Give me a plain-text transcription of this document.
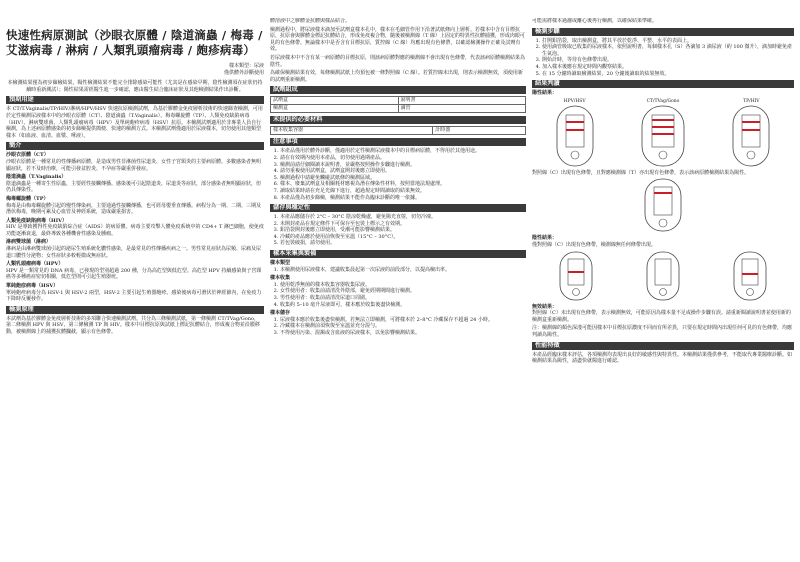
快速性病原測試（沙眼衣原體 / 陰道滴蟲 / 梅毒 / 艾滋病毒 / 淋病 / 人類乳頭瘤病毒 / 皰疹病毒）
樣本類型：尿液
僅供體外診斷使用

本檢測結果僅為初步篩檢結果，陽性檢測結果不能完全排除感染可能性（尤其是在感染早期，陰性檢測須在症狀仍持續時重新測試）；陽性結果需經醫生進一步確認，應由醫生結合臨床症狀及其他檢測結果作出診斷。

預期用途

本 CT/T.Vaginalis/TP/HIV/淋病/HPV/HSV 快速抗原檢測試劑，為基於膠體金免疫層析技術的快速篩查檢測，可用於定性檢測尿液樣本中的沙眼衣原體（CT）、陰道滴蟲（T.Vaginalis）、梅毒螺旋體（TP）、人類免疫缺陷病毒（HIV）、淋病雙球菌、人類乳頭瘤病毒（HPV）及單純皰疹病毒（HSV）抗原。本檢測試劑適用於非專業人員自行檢測，為上述病原體感染的初步篩檢提供簡便、快速的檢測方式。本檢測試劑僅適用於尿液樣本，切勿使用其他類型樣本（如血液、血清、血漿、唾液）。

簡介
沙眼衣原體（CT）

沙眼衣原體是一種常見的性傳播病原體，是造成男性非淋菌性尿道炎、女性子宮頸炎的主要病原體。多數感染者無明顯症狀，若不及時治療，可能引發盆腔炎、不孕症等嚴重併發症。

陰道滴蟲（T.Vaginalis）

陰道滴蟲是一種寄生性原蟲，主要經性接觸傳播。感染後可引起陰道炎、尿道炎等症狀，部分感染者無明顯症狀，但仍具傳染性。

梅毒螺旋體（TP）

梅毒是由梅毒螺旋體引起的慢性傳染病，主要通過性接觸傳播，也可經母嬰垂直傳播。病程分為一期、二期、三期及潛伏梅毒，晚期可累及心血管及神經系統，造成嚴重損害。

人類免疫缺陷病毒（HIV）

HIV 是導致獲得性免疫缺陷綜合症（AIDS）的病原體。病毒主要攻擊人體免疫系統中的 CD4+ T 淋巴細胞，使免疫功能逐漸衰退，最終導致各種機會性感染及腫瘤。

淋病雙球菌（淋病）

淋病是由淋病雙球菌引起的泌尿生殖系統化膿性感染，是最常見的性傳播疾病之一。男性常見症狀為尿頻、尿痛及尿道口膿性分泌物；女性症狀多較輕微或無症狀。

人類乳頭瘤病毒（HPV）

HPV 是一類常見的 DNA 病毒，已發現的型別超過 200 種，分為高危型與低危型。高危型 HPV 持續感染與子宮頸癌等多種癌症密切相關，低危型則可引起生殖器疣。

單純皰疹病毒（HSV）

單純皰疹病毒分為 HSV-1 與 HSV-2 兩型，HSV-2 主要引起生殖器皰疹。感染後病毒可潛伏於神經節內，在免疫力下降時反覆發作。

檢測原理

本試劑為基於膠體金免疫層析技術的多項聯合快速檢測試劑。共分為三條檢測試紙，第一條檢測 CT/TVag/Gono，第二條檢測 HPV 與 HSV，第三條檢測 TP 與 HIV。樣本中目標抗原與試紙上標記抗體結合，形成複合物並沿膜移動，被檢測線上的捕獲抗體攔截，顯示有色條帶。

體溶液中之膠體金抗體與樣品結合。

檢測過程中，將尿液樣本滴加至試劑盒樣本孔中，樣本在毛細管作用下沿著試紙條向上層析。若樣本中含有目標抗原，抗原會與膠體金標記抗體結合，形成免疫複合物，隨後被檢測線（T 線）上固定的特異性抗體捕獲，形成肉眼可見的有色條帶。無論樣本中是否含有目標抗原，質控線（C 線）均應出現有色條帶，以確認檢測操作正確及試劑有效。

若尿液樣本中不含有某一病原體的目標抗原，則該病原體對應的檢測線不會出現有色條帶，代表該病原體檢測結果為陰性。

為確保檢測結果有效，每條檢測試紙上均預包被一條對照線（C 線）。若質控線未出現，則表示檢測無效，須使用新的試劑重新檢測。

試劑組成
試劑盒	說明書
檢測盒	滴管
未提供的必要材料
樣本收集容器	計時器
注意事項
1. 本產品僅用於體外診斷，僅適用於定性檢測尿液樣本中的目標病原體，不得用於其他用途。
2. 請在有效期內使用本產品，切勿使用過期產品。
3. 檢測前請仔細閱讀本說明書，並嚴格按照操作步驟進行檢測。
4. 請勿重複使用試劑盒，試劑盒開封後應立即使用。
5. 檢測過程中請避免觸碰試紙條的檢測區域。
6. 樣本、廢棄試劑盒及相關耗材應視為潛在傳染性材料，按照當地法規處理。
7. 讀取結果時請在充足光線下進行，超過規定時間讀取的結果無效。
8. 本產品僅為初步篩檢，檢測結果不能作為臨床診斷的唯一依據。
儲存與穩定性
1. 本產品應儲存於 2°C – 30°C 陰涼乾燥處，避免陽光直射，切勿冷凍。
2. 未開封產品在規定條件下可保存至包裝上標示之有效期。
3. 鋁箔袋開封後應立即使用，受潮可能影響檢測結果。
4. 冷藏的產品應於使用前恢復至室溫（15°C – 30°C）。
5. 若包裝破損，請勿使用。
樣本采集與製備
樣本類型
1. 本檢測使用尿液樣本，建議收集晨起第一次尿液的前段部分，以提高檢出率。
樣本收集
1. 使用乾淨無菌的樣本收集容器收集尿液。
2. 女性使用者：收集前請清洗外陰部，避免經期期間進行檢測。
3. 男性使用者：收集前請清洗尿道口周圍。
4. 收集約 5–10 毫升尿液即可，樣本應於收集後盡快檢測。
樣本儲存
1. 尿液樣本應於收集後盡快檢測。若無法立即檢測，可將樣本於 2–8°C 冷藏保存不超過 24 小時。
2. 冷藏樣本在檢測前須恢復至室溫並充分混勻。
3. 不得使用污染、混濁或含血液的尿液樣本，以免影響檢測結果。

可能需將樣本過濾或離心後再行檢測，以確保結果準確。

檢測步驟
1. 打開鋁箔袋，取出檢測盒，將其平放於乾淨、平整、水平的表面上。
2. 使用滴管吸取已收集的尿液樣本，依照說明書，每個樣本孔（S）各滴加 3 滴尿液（約 100 微升），滴加時避免產生氣泡。
3. 開始計時，等待有色條帶出現。
4. 加入樣本後應在規定時間內觀察結果。
5. 在 15 分鐘時讀取檢測結果，20 分鐘後讀取的結果無效。
結果判讀
陽性結果：
HPV/HSV	CT/TVag/Gono	TP/HIV

對照線（C）出現有色條帶，且對應檢測線（T）亦出現有色條帶，表示該病原體檢測結果為陽性。

陰性結果：

僅對照線（C）出現有色條帶，檢測線無任何條帶出現。

無效結果：

對照線（C）未出現有色條帶，表示檢測無效，可能原因為樣本量不足或操作步驟有誤。請重新閱讀說明書並使用新的檢測盒重新檢測。

注：檢測線的顏色深淺可能因樣本中目標抗原濃度不同而有所差異，只要在規定時間內出現任何可見的有色條帶，均應判讀為陽性。

性能特徵

本產品經臨床樣本評估，各項檢測均表現出良好的敏感性與特異性。本檢測結果僅供參考，不能取代專業醫療診斷。如檢測結果為陽性，請盡快就醫進行確認。
